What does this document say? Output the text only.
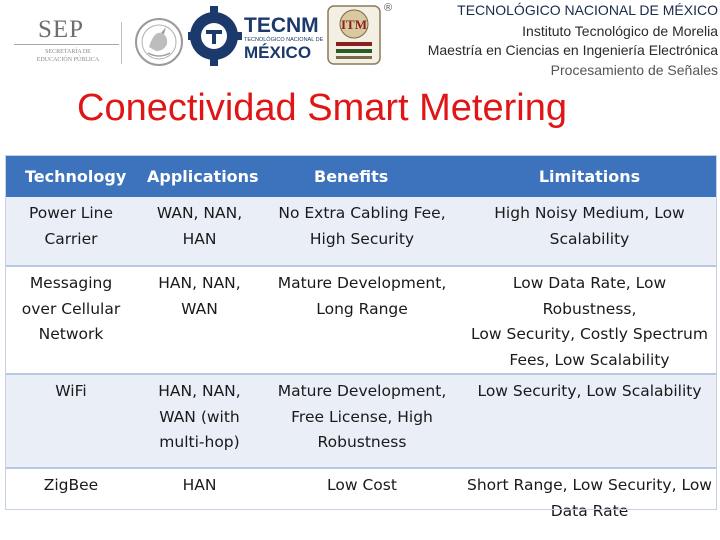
SEP
SECRETARÍA DE EDUCACIÓN PÚBLICA
TECNM
TECNOLÓGICO NACIONAL DE
MÉXICO
ITM
®	TECNOLÓGICO NACIONAL DE MÉXICO
Instituto Tecnológico de Morelia
Maestría en Ciencias en Ingeniería Electrónica
Procesamiento de Señales
Conectividad Smart Metering
Technology	Applications	Benefits	Limitations

Power Line
Carrier	WAN, NAN,
HAN	No Extra Cabling Fee,
High Security	High Noisy Medium, Low
Scalability

Messaging
over Cellular
Network	HAN, NAN,
WAN	Mature Development,
Long Range	Low Data Rate, Low Robustness,
Low Security, Costly Spectrum
Fees, Low Scalability

WiFi	HAN, NAN,
WAN (with
multi-hop)	Mature Development,
Free License, High
Robustness	Low Security, Low Scalability

ZigBee	HAN	Low Cost	Short Range, Low Security, Low
Data Rate
